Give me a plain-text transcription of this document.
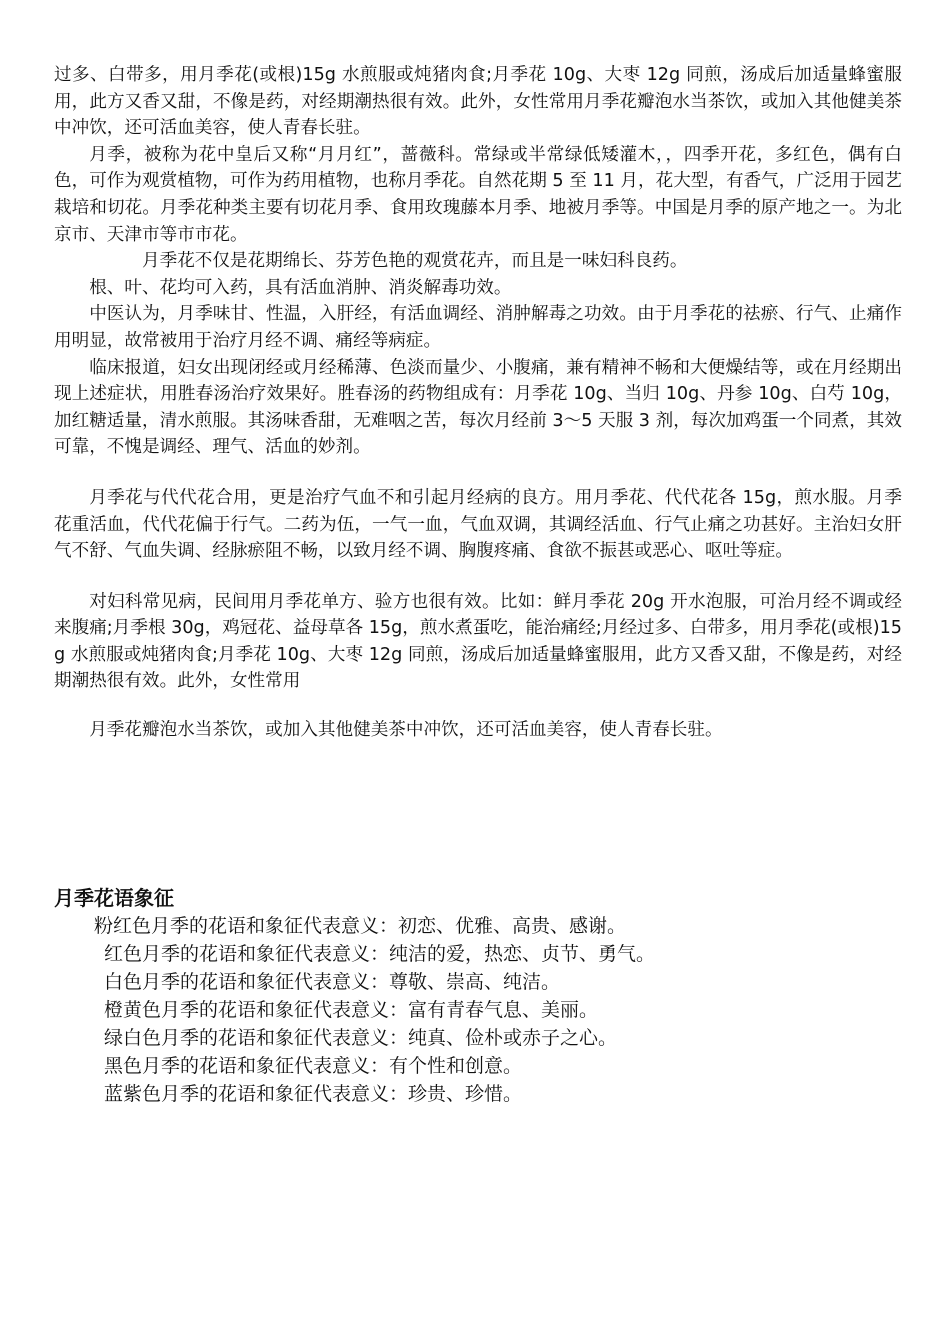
过多、白带多，用月季花(或根)15g 水煎服或炖猪肉食;月季花 10g、大枣 12g 同煎，汤成后加适量蜂蜜服用，此方又香又甜，不像是药，对经期潮热很有效。此外，女性常用月季花瓣泡水当茶饮，或加入其他健美茶中冲饮，还可活血美容，使人青春长驻。

月季，被称为花中皇后又称“月月红”，蔷薇科。常绿或半常绿低矮灌木，，四季开花，多红色，偶有白色，可作为观赏植物，可作为药用植物，也称月季花。自然花期 5 至 11 月，花大型，有香气，广泛用于园艺栽培和切花。月季花种类主要有切花月季、食用玫瑰藤本月季、地被月季等。中国是月季的原产地之一。为北京市、天津市等市市花。

月季花不仅是花期绵长、芬芳色艳的观赏花卉，而且是一味妇科良药。

根、叶、花均可入药，具有活血消肿、消炎解毒功效。

中医认为，月季味甘、性温，入肝经，有活血调经、消肿解毒之功效。由于月季花的祛瘀、行气、止痛作用明显，故常被用于治疗月经不调、痛经等病症。

临床报道，妇女出现闭经或月经稀薄、色淡而量少、小腹痛，兼有精神不畅和大便燥结等，或在月经期出现上述症状，用胜春汤治疗效果好。胜春汤的药物组成有：月季花 10g、当归 10g、丹参 10g、白芍 10g，加红糖适量，清水煎服。其汤味香甜，无难咽之苦，每次月经前 3～5 天服 3 剂，每次加鸡蛋一个同煮，其效可靠，不愧是调经、理气、活血的妙剂。

月季花与代代花合用，更是治疗气血不和引起月经病的良方。用月季花、代代花各 15g，煎水服。月季花重活血，代代花偏于行气。二药为伍，一气一血，气血双调，其调经活血、行气止痛之功甚好。主治妇女肝气不舒、气血失调、经脉瘀阻不畅，以致月经不调、胸腹疼痛、食欲不振甚或恶心、呕吐等症。

对妇科常见病，民间用月季花单方、验方也很有效。比如：鲜月季花 20g 开水泡服，可治月经不调或经来腹痛;月季根 30g，鸡冠花、益母草各 15g，煎水煮蛋吃，能治痛经;月经过多、白带多，用月季花(或根)15g 水煎服或炖猪肉食;月季花 10g、大枣 12g 同煎，汤成后加适量蜂蜜服用，此方又香又甜，不像是药，对经期潮热很有效。此外，女性常用

月季花瓣泡水当茶饮，或加入其他健美茶中冲饮，还可活血美容，使人青春长驻。

月季花语象征
粉红色月季的花语和象征代表意义：初恋、优雅、高贵、感谢。
红色月季的花语和象征代表意义：纯洁的爱，热恋、贞节、勇气。
白色月季的花语和象征代表意义：尊敬、崇高、纯洁。
橙黄色月季的花语和象征代表意义：富有青春气息、美丽。
绿白色月季的花语和象征代表意义：纯真、俭朴或赤子之心。
黑色月季的花语和象征代表意义：有个性和创意。
蓝紫色月季的花语和象征代表意义：珍贵、珍惜。
